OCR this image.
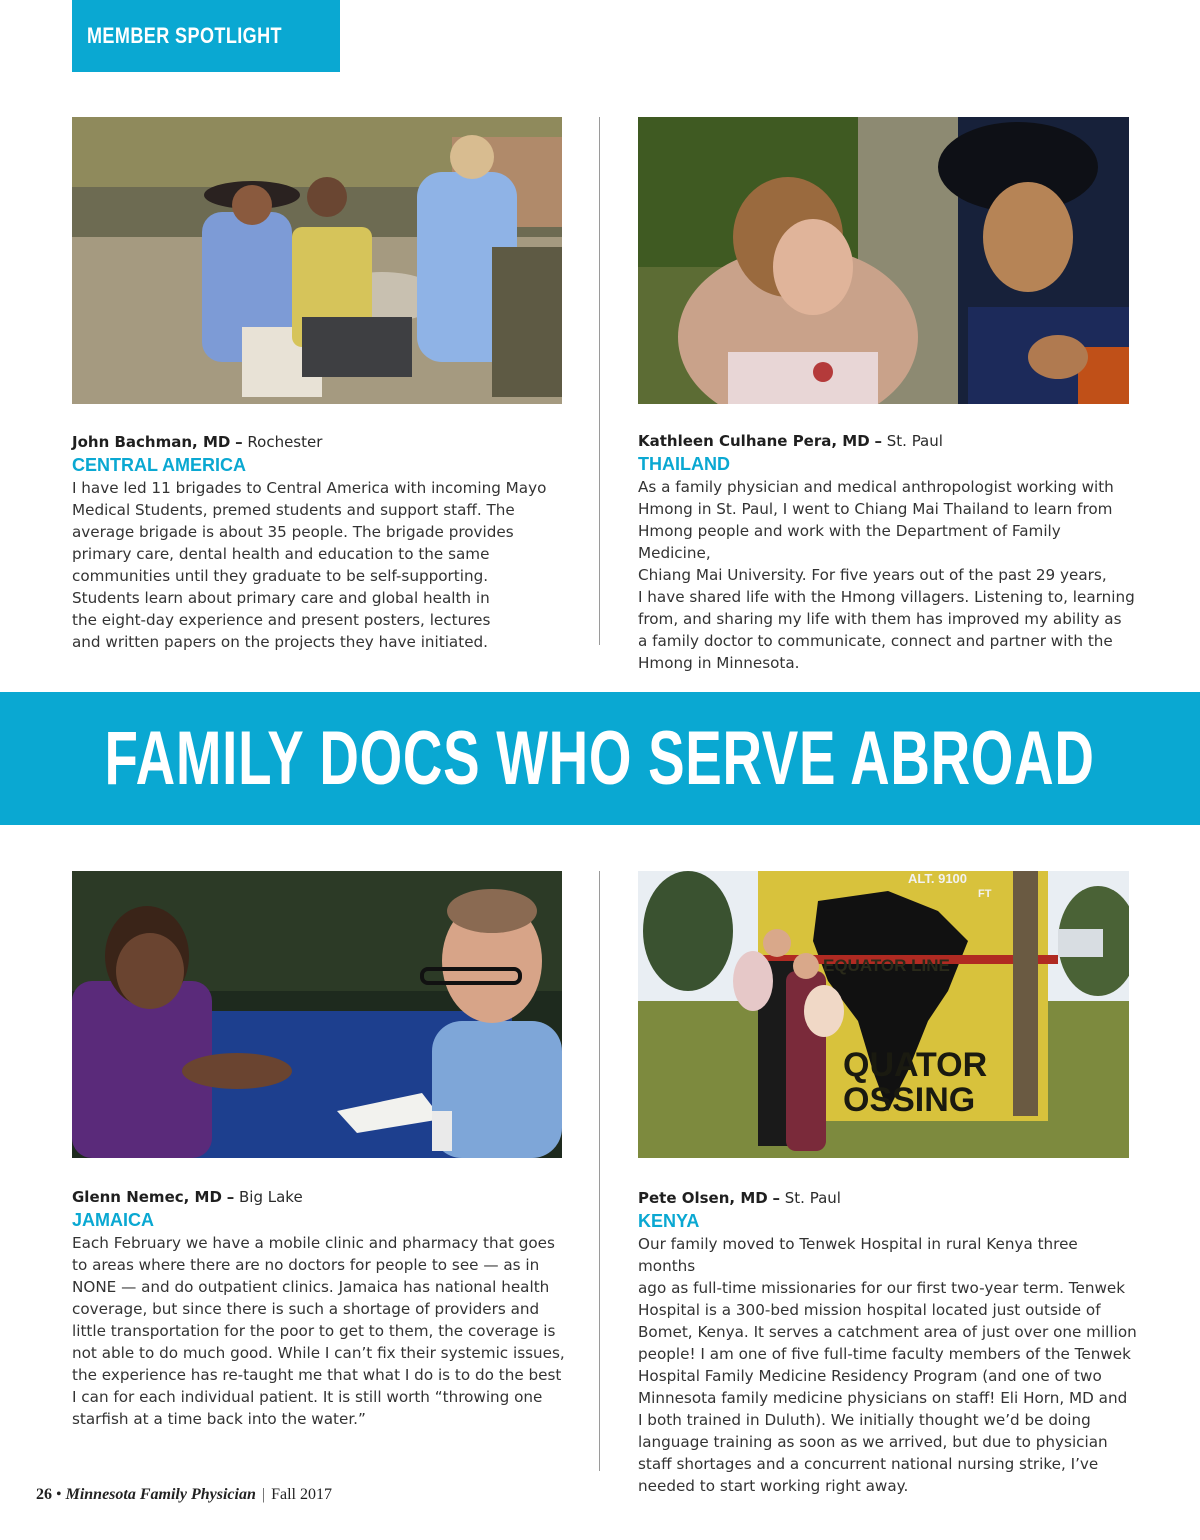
MEMBER SPOTLIGHT

John Bachman, MD – Rochester

CENTRAL AMERICA

I have led 11 brigades to Central America with incoming Mayo
Medical Students, premed students and support staff. The
average brigade is about 35 people. The brigade provides
primary care, dental health and education to the same
communities until they graduate to be self-supporting.
Students learn about primary care and global health in
the eight-day experience and present posters, lectures
and written papers on the projects they have initiated.

Kathleen Culhane Pera, MD – St. Paul

THAILAND

As a family physician and medical anthropologist working with
Hmong in St. Paul, I went to Chiang Mai Thailand to learn from
Hmong people and work with the Department of Family Medicine,
Chiang Mai University. For five years out of the past 29 years,
I have shared life with the Hmong villagers. Listening to, learning
from, and sharing my life with them has improved my ability as
a family doctor to communicate, connect and partner with the
Hmong in Minnesota.

FAMILY DOCS WHO SERVE ABROAD
EQUATOR LINE
ALT. 9100
FT
QUATOR
OSSING

Glenn Nemec, MD – Big Lake

JAMAICA

Each February we have a mobile clinic and pharmacy that goes
to areas where there are no doctors for people to see — as in
NONE — and do outpatient clinics. Jamaica has national health
coverage, but since there is such a shortage of providers and
little transportation for the poor to get to them, the coverage is
not able to do much good. While I can’t fix their systemic issues,
the experience has re-taught me that what I do is to do the best
I can for each individual patient. It is still worth “throwing one
starfish at a time back into the water.”

Pete Olsen, MD – St. Paul

KENYA

Our family moved to Tenwek Hospital in rural Kenya three months
ago as full-time missionaries for our first two-year term. Tenwek
Hospital is a 300-bed mission hospital located just outside of
Bomet, Kenya. It serves a catchment area of just over one million
people! I am one of five full-time faculty members of the Tenwek
Hospital Family Medicine Residency Program (and one of two
Minnesota family medicine physicians on staff! Eli Horn, MD and
I both trained in Duluth). We initially thought we’d be doing
language training as soon as we arrived, but due to physician
staff shortages and a concurrent national nursing strike, I’ve
needed to start working right away.

26 • Minnesota Family Physician | Fall 2017
